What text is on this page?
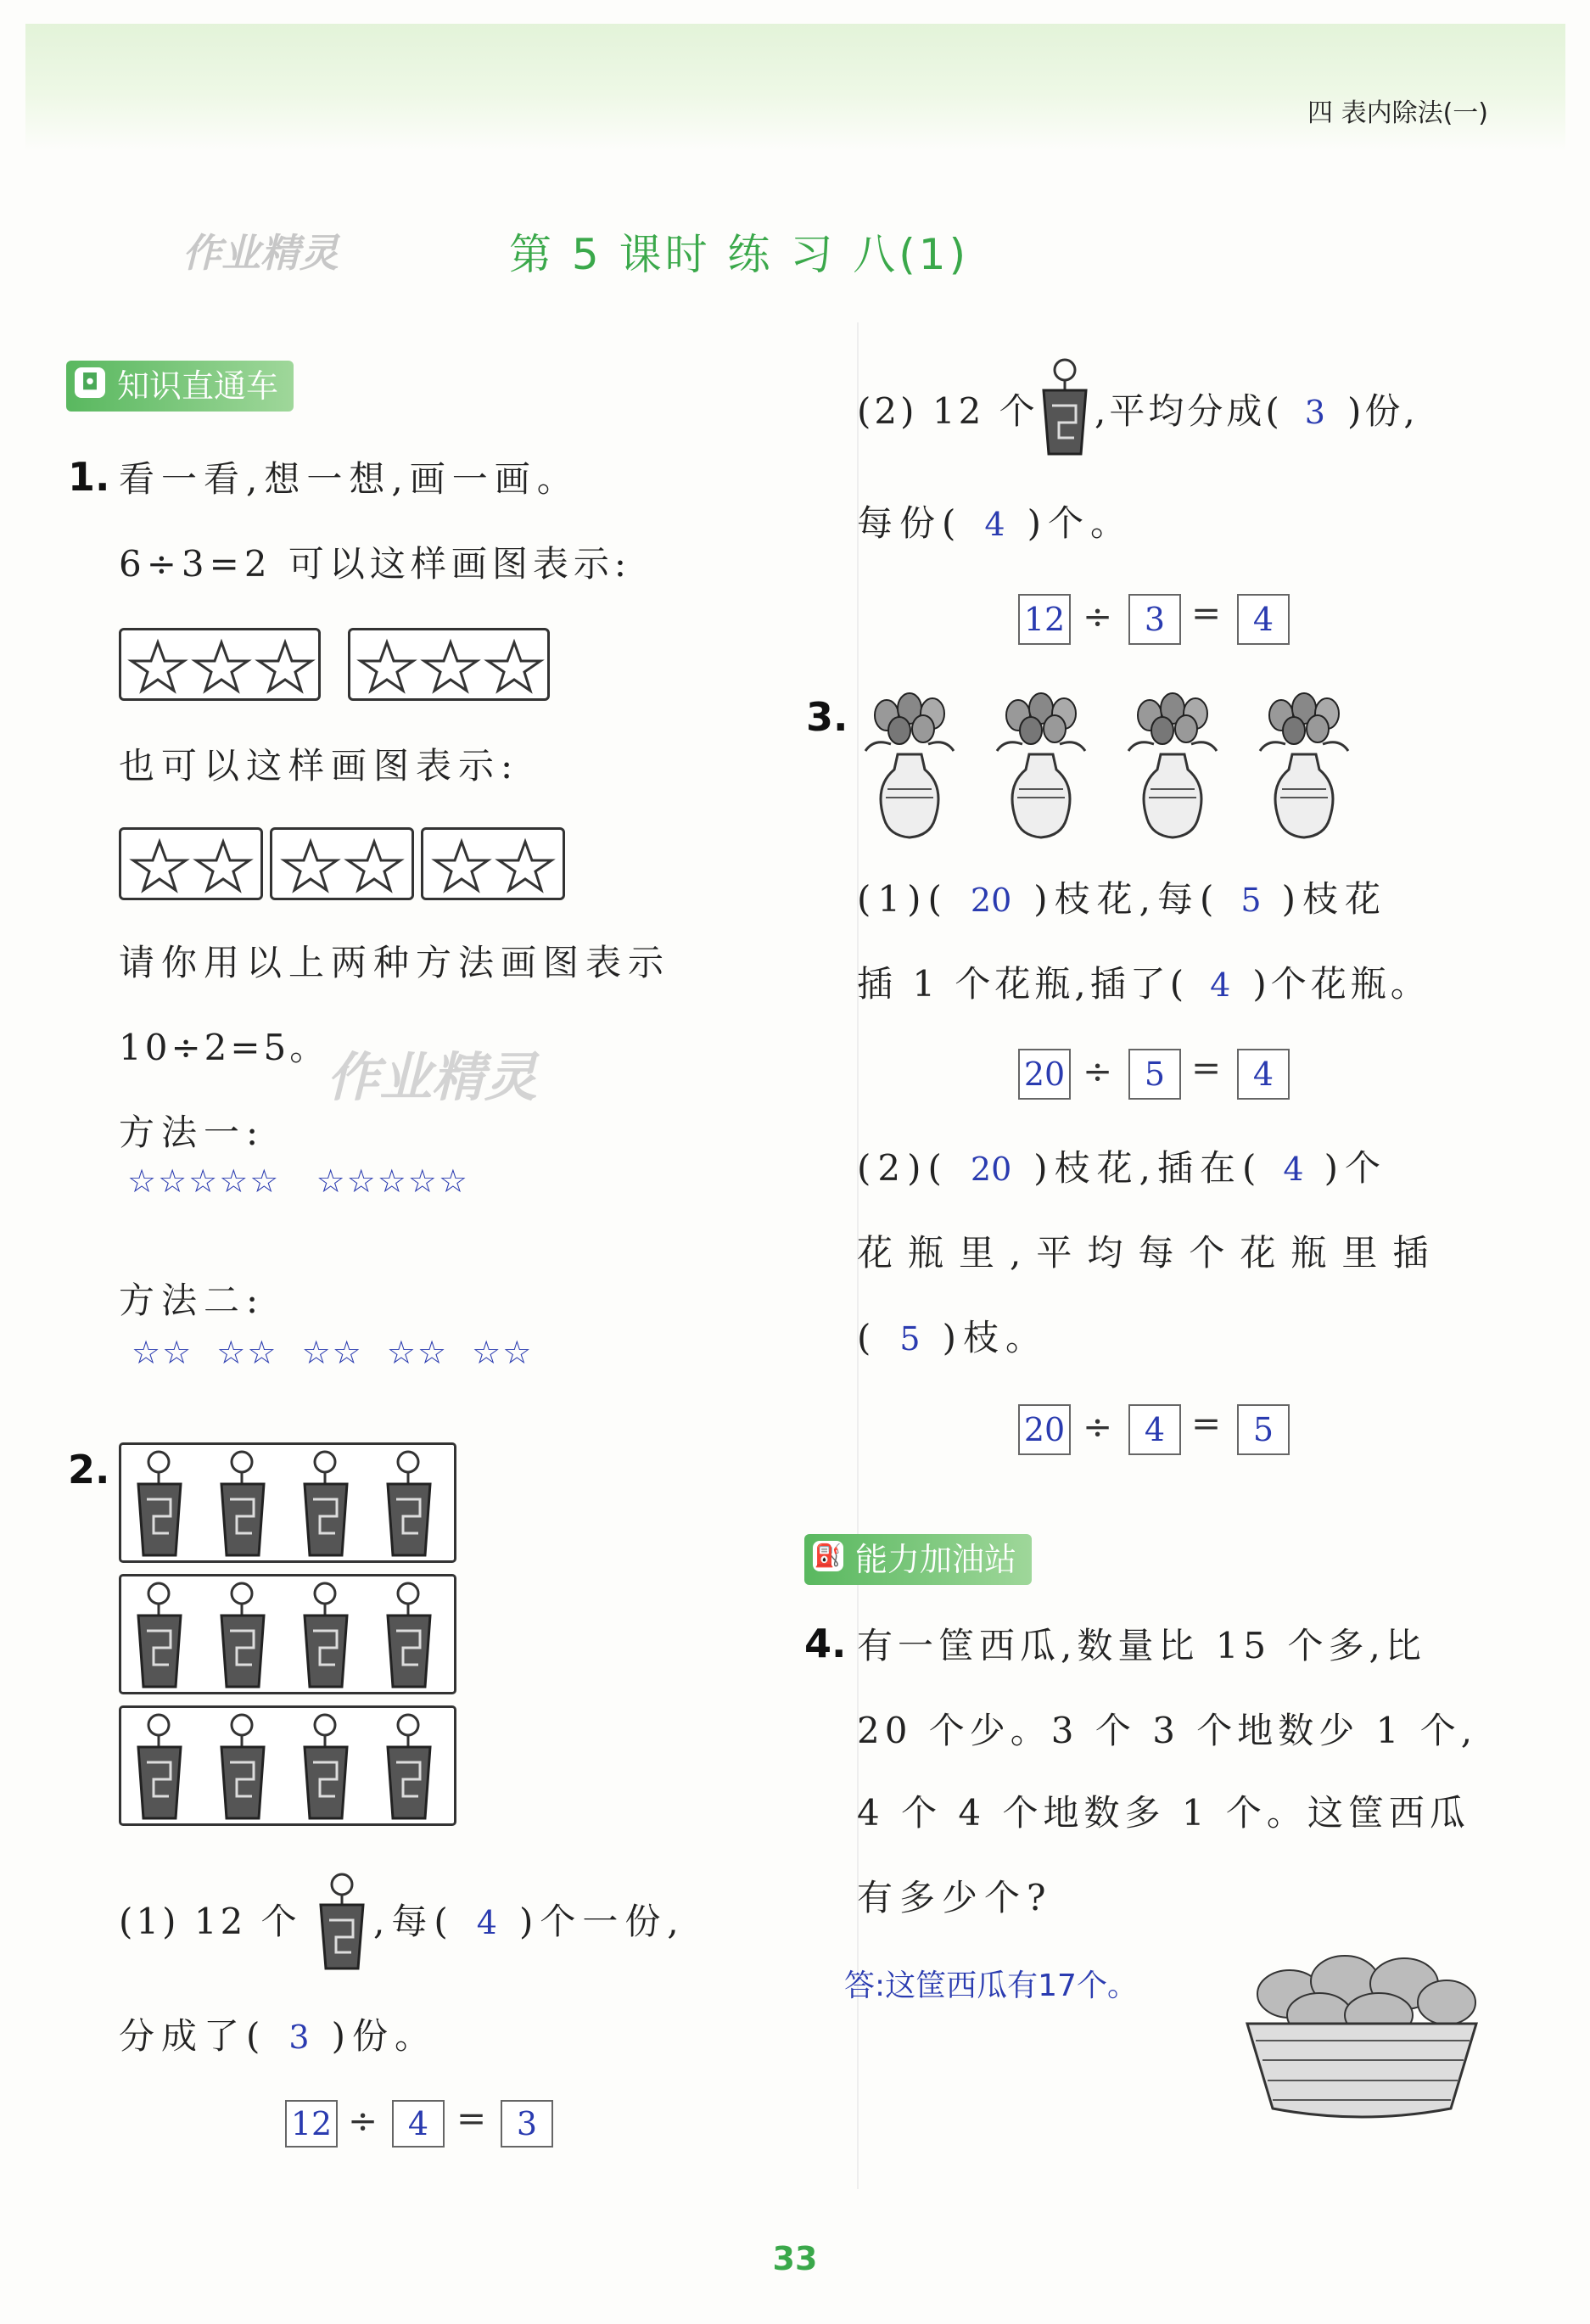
四 表内除法(一)
作业精灵	第 5 课时 练 习 八(1)
◘ 知识直通车
1. 看一看,想一想,画一画。
6÷3=2 可以这样画图表示:
也可以这样画图表示:
请你用以上两种方法画图表示
10÷2=5。
作业精灵
方法一:
☆☆☆☆☆   ☆☆☆☆☆
方法二:
☆☆  ☆☆  ☆☆  ☆☆  ☆☆
2.
(1) 12 个 ,每( 4 )个一份,
分成了( 3 )份。
12 ÷ 4 = 3
(2) 12 个 ,平均分成( 3 )份,
每份( 4 )个。
12 ÷ 3 = 4
3.
(1)( 20 )枝花,每( 5 )枝花
插 1 个花瓶,插了( 4 )个花瓶。
20 ÷ 5 = 4
(2)( 20 )枝花,插在( 4 )个
花瓶里,平均每个花瓶里插
( 5 )枝。
20 ÷ 4 = 5
⛽ 能力加油站
4. 有一筐西瓜,数量比 15 个多,比
20 个少。3 个 3 个地数少 1 个,
4 个 4 个地数多 1 个。这筐西瓜
有多少个?
答:这筐西瓜有17个。
33
